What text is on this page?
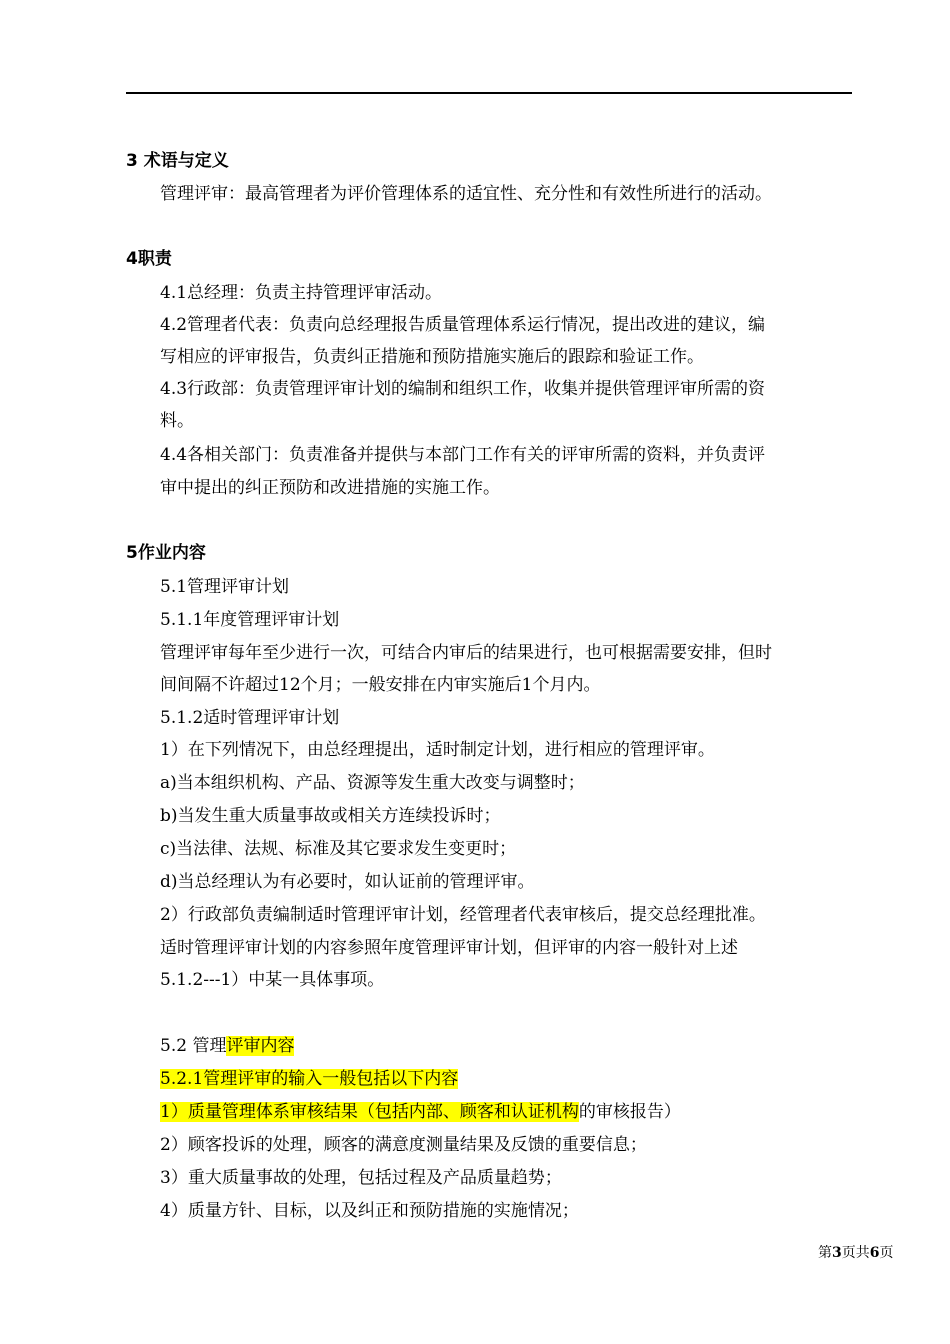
3 术语与定义
管理评审：最高管理者为评价管理体系的适宜性、充分性和有效性所进行的活动。
4职责
4.1总经理：负责主持管理评审活动。
4.2管理者代表：负责向总经理报告质量管理体系运行情况，提出改进的建议，编
写相应的评审报告，负责纠正措施和预防措施实施后的跟踪和验证工作。
4.3行政部：负责管理评审计划的编制和组织工作，收集并提供管理评审所需的资
料。
4.4各相关部门：负责准备并提供与本部门工作有关的评审所需的资料，并负责评
审中提出的纠正预防和改进措施的实施工作。
5作业内容
5.1管理评审计划
5.1.1年度管理评审计划
管理评审每年至少进行一次，可结合内审后的结果进行，也可根据需要安排，但时
间间隔不许超过12个月；一般安排在内审实施后1个月内。
5.1.2适时管理评审计划
1）在下列情况下，由总经理提出，适时制定计划，进行相应的管理评审。
a)当本组织机构、产品、资源等发生重大改变与调整时；
b)当发生重大质量事故或相关方连续投诉时；
c)当法律、法规、标准及其它要求发生变更时；
d)当总经理认为有必要时，如认证前的管理评审。
2）行政部负责编制适时管理评审计划，经管理者代表审核后，提交总经理批准。
适时管理评审计划的内容参照年度管理评审计划，但评审的内容一般针对上述
5.1.2---1）中某一具体事项。
5.2 管理评审内容
5.2.1管理评审的输入一般包括以下内容
1）质量管理体系审核结果（包括内部、顾客和认证机构的审核报告）
2）顾客投诉的处理，顾客的满意度测量结果及反馈的重要信息；
3）重大质量事故的处理，包括过程及产品质量趋势；
4）质量方针、目标，以及纠正和预防措施的实施情况；
第3页共6页
